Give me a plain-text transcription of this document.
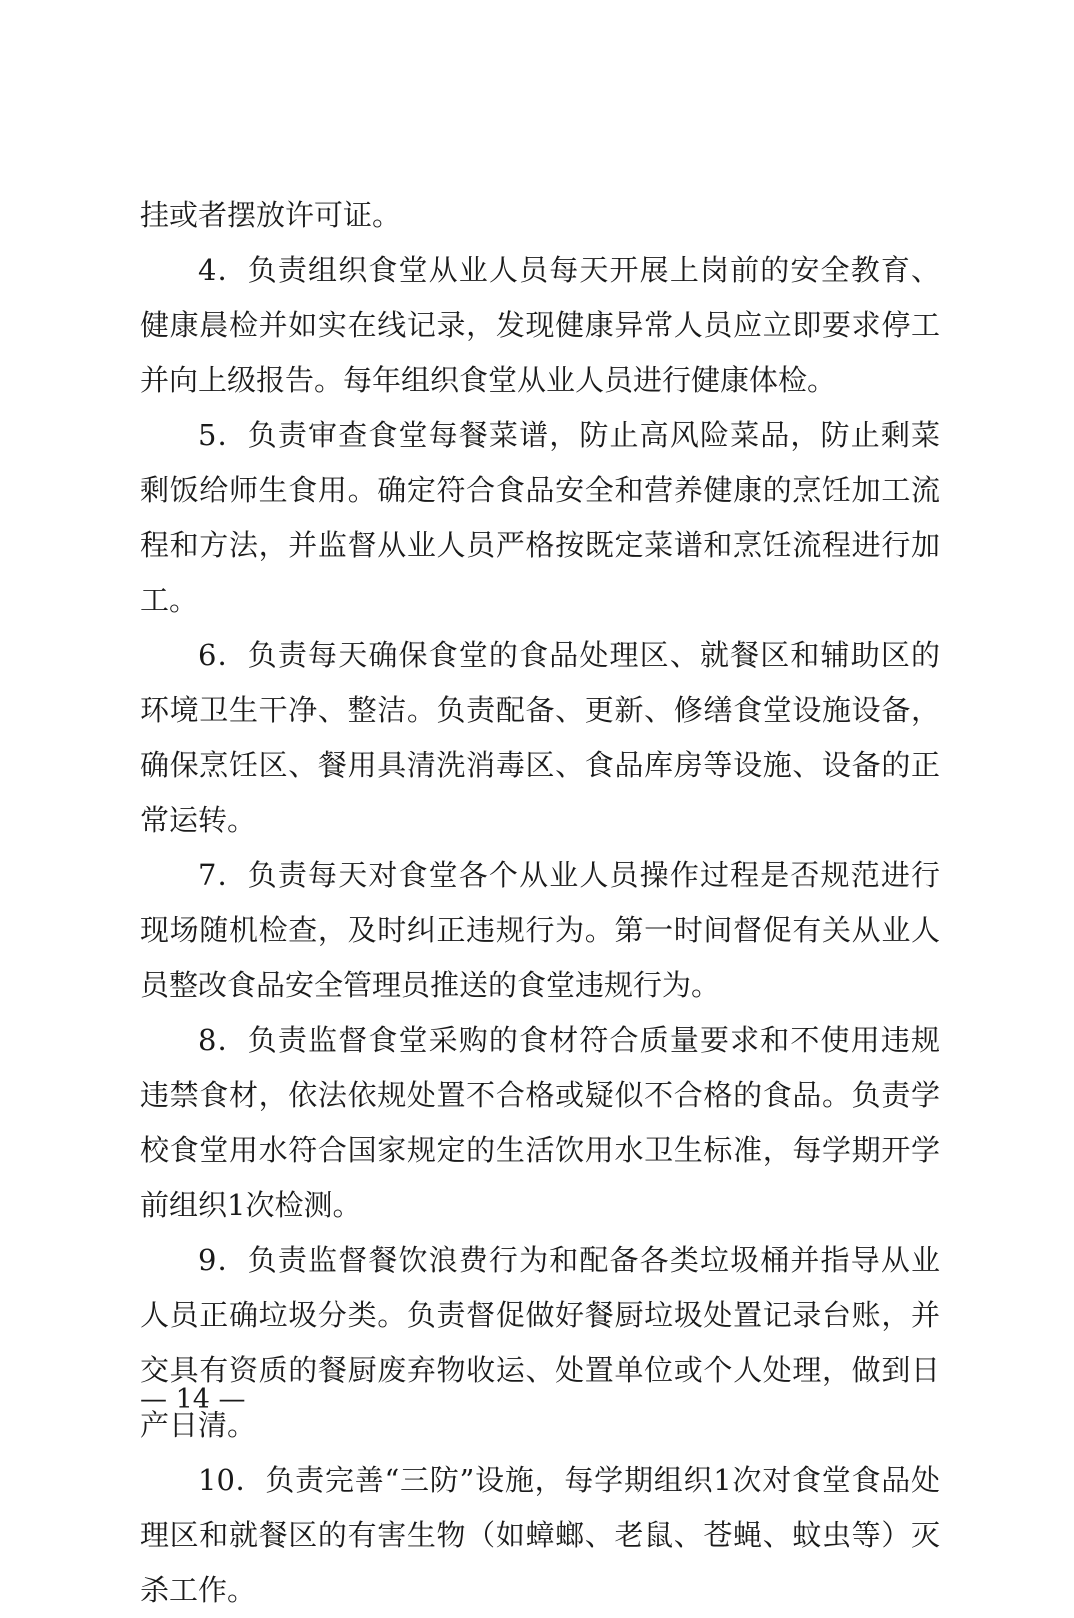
挂或者摆放许可证。

4．负责组织食堂从业人员每天开展上岗前的安全教育、健康晨检并如实在线记录，发现健康异常人员应立即要求停工并向上级报告。每年组织食堂从业人员进行健康体检。

5．负责审查食堂每餐菜谱，防止高风险菜品，防止剩菜剩饭给师生食用。确定符合食品安全和营养健康的烹饪加工流程和方法，并监督从业人员严格按既定菜谱和烹饪流程进行加工。

6．负责每天确保食堂的食品处理区、就餐区和辅助区的环境卫生干净、整洁。负责配备、更新、修缮食堂设施设备，确保烹饪区、餐用具清洗消毒区、食品库房等设施、设备的正常运转。

7．负责每天对食堂各个从业人员操作过程是否规范进行现场随机检查，及时纠正违规行为。第一时间督促有关从业人员整改食品安全管理员推送的食堂违规行为。

8．负责监督食堂采购的食材符合质量要求和不使用违规违禁食材，依法依规处置不合格或疑似不合格的食品。负责学校食堂用水符合国家规定的生活饮用水卫生标准，每学期开学前组织1次检测。

9．负责监督餐饮浪费行为和配备各类垃圾桶并指导从业人员正确垃圾分类。负责督促做好餐厨垃圾处置记录台账，并交具有资质的餐厨废弃物收运、处置单位或个人处理，做到日产日清。

10．负责完善“三防”设施，每学期组织1次对食堂食品处理区和就餐区的有害生物（如蟑螂、老鼠、苍蝇、蚊虫等）灭杀工作。

— 14 —
